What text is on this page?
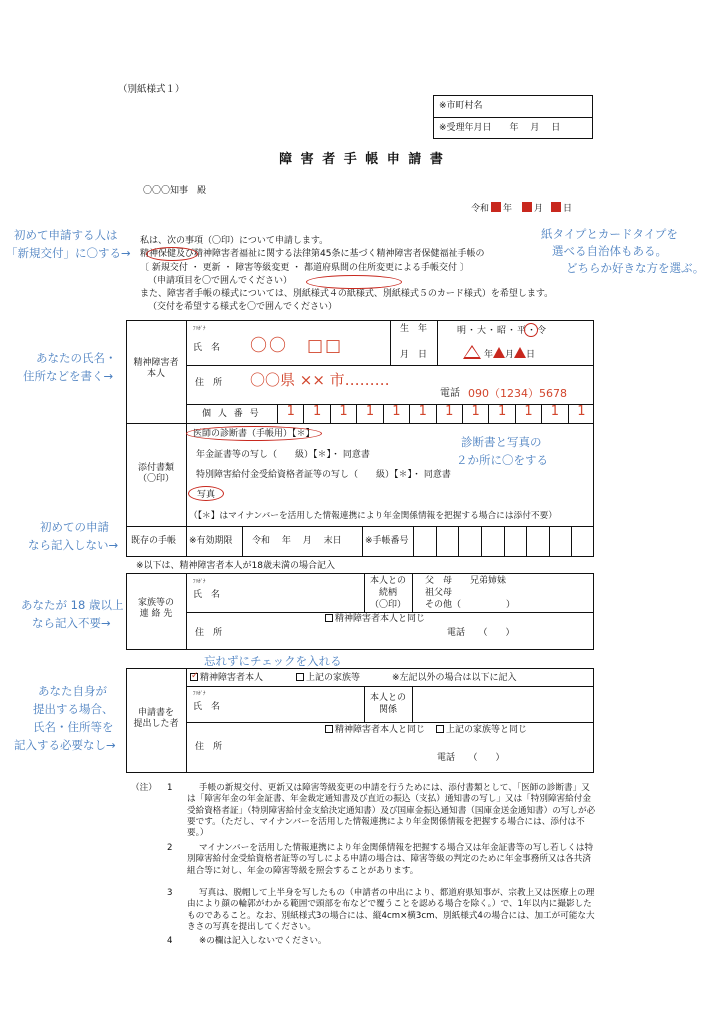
（別紙様式１）
※市町村名
※受理年月日　　年　 月　 日
障 害 者 手 帳 申 請 書
〇〇〇知事　殿
令和 年 月 日

私は、次の事項（〇印）について申請します。
精神保健及び精神障害者福祉に関する法律第45条に基づく精神障害者保健福祉手帳の
〔 新規交付 ・ 更新 ・ 障害等級変更 ・ 都道府県間の住所変更による手帳交付 〕
（申請項目を〇で囲んでください）
また、障害者手帳の様式については、別紙様式４の紙様式、別紙様式５のカード様式）を希望します。
（交付を希望する様式を〇で囲んでください）

精神障害者
本人
ﾌﾘｶﾞﾅ
氏　名 〇〇　□□
生　年
月　日
明・大・昭・平・令
年 月 日
住　所 〇〇県 ×× 市………
電話 090（1234）5678
個 人 番 号	1	1	1	1	1	1	1	1	1	1	1	1
添付書類
（〇印）
医師の診断書（手帳用）【＊】
年金証書等の写し（　　級）【＊】・ 同意書
特別障害給付金受給資格者証等の写し（　　級）【＊】・ 同意書
写真
（【＊】はマイナンバーを活用した情報連携により年金関係情報を把握する場合には添付不要）
既存の手帳 ※有効期限 令和　 年　 月　 末日	※手帳番号
※以下は、精神障害者本人が18歳未満の場合記入
家族等の
連 絡 先
ﾌﾘｶﾞﾅ
氏　名
本人との
続柄
（〇印）
父　母　　兄弟姉妹
祖父母
その他（　　　　　）
精神障害者本人と同じ
住　所	電話　　（　　）
申請書を
提出した者
✓ 精神障害者本人	上記の家族等	※左記以外の場合は以下に記入
ﾌﾘｶﾞﾅ
氏　名
本人との
関係
精神障害者本人と同じ	上記の家族等と同じ
住　所
電話　　（　　）
（注） 1	手帳の新規交付、更新又は障害等級変更の申請を行うためには、添付書類として、「医師の診断書」又は「障害年金の年金証書、年金裁定通知書及び直近の振込（支払）通知書の写し」又は「特別障害給付金受給資格者証」（特別障害給付金支給決定通知書）及び国庫金振込通知書（国庫金送金通知書）の写しが必要です。（ただし、マイナンバーを活用した情報連携により年金関係情報を把握する場合には、添付は不要。）
2	マイナンバーを活用した情報連携により年金関係情報を把握する場合又は年金証書等の写し若しくは特別障害給付金受給資格者証等の写しによる申請の場合は、障害等級の判定のために年金事務所又は各共済組合等に対し、年金の障害等級を照会することがあります。
3	写真は、脱帽して上半身を写したもの（申請者の申出により、都道府県知事が、宗教上又は医療上の理由により顔の輪郭がわかる範囲で頭部を布などで覆うことを認める場合を除く。）で、1年以内に撮影したものであること。なお、別紙様式3の場合には、縦4cm×横3cm、別紙様式4の場合には、加工が可能な大きさの写真を提出してください。
4	※の欄は記入しないでください。
初めて申請する人は
「新規交付」に〇する→
紙タイプとカードタイプを
選べる自治体もある。
どちらか好きな方を選ぶ。
あなたの氏名・
住所などを書く→
診断書と写真の
２か所に〇をする
初めての申請
なら記入しない→
あなたが 18 歳以上
なら記入不要→
忘れずにチェックを入れる
あなた自身が
提出する場合、
氏名・住所等を
記入する必要なし→
